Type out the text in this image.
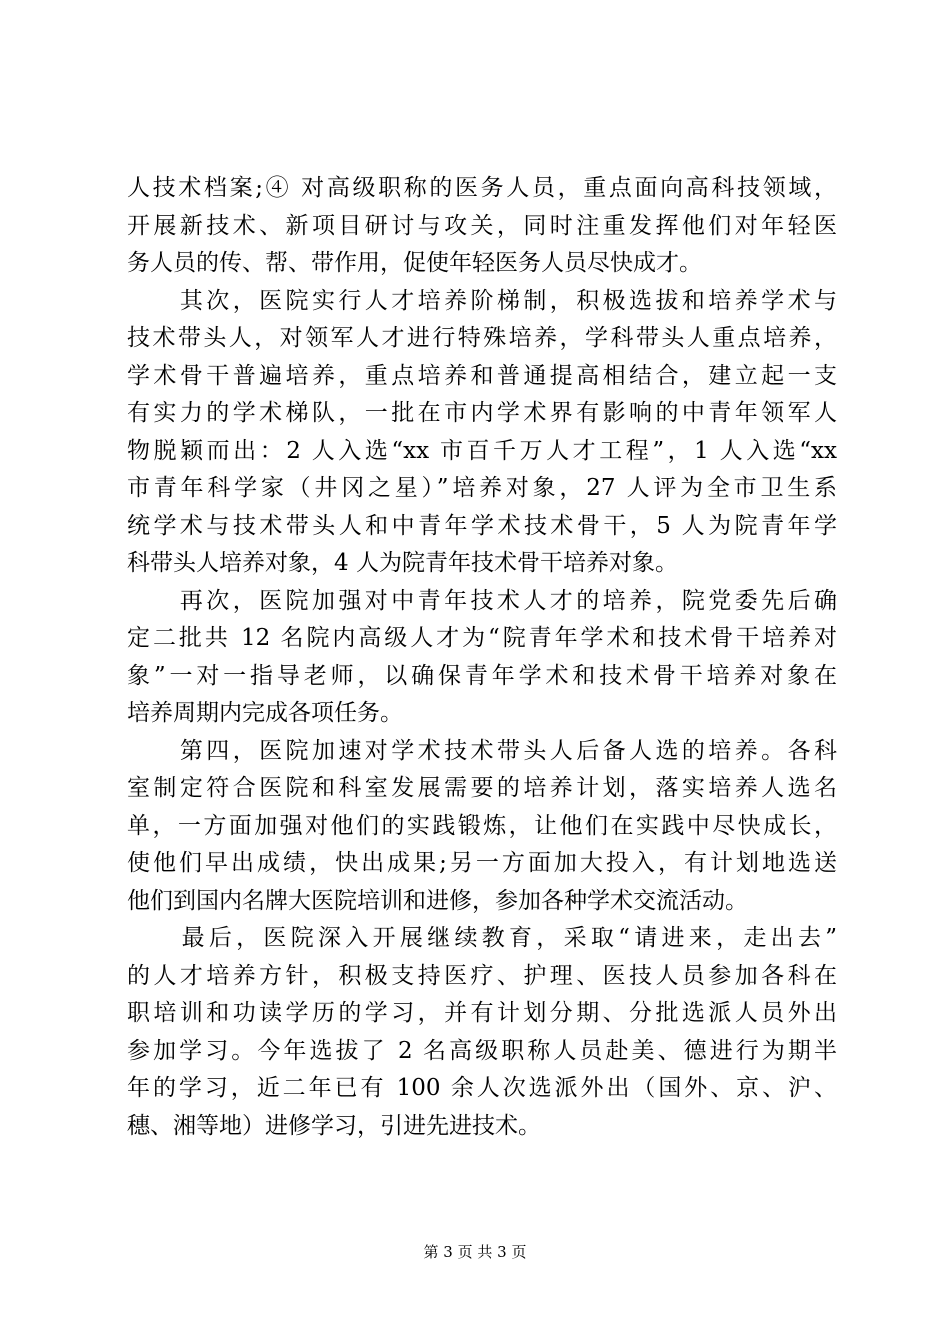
人技术档案;④ 对高级职称的医务人员，重点面向高科技领域，
开展新技术、新项目研讨与攻关，同时注重发挥他们对年轻医
务人员的传、帮、带作用，促使年轻医务人员尽快成才。
　　其次，医院实行人才培养阶梯制，积极选拔和培养学术与
技术带头人，对领军人才进行特殊培养，学科带头人重点培养，
学术骨干普遍培养，重点培养和普通提高相结合，建立起一支
有实力的学术梯队，一批在市内学术界有影响的中青年领军人
物脱颖而出：2 人入选“xx 市百千万人才工程”，1 人入选“xx
市青年科学家（井冈之星）”培养对象，27 人评为全市卫生系
统学术与技术带头人和中青年学术技术骨干，5 人为院青年学
科带头人培养对象，4 人为院青年技术骨干培养对象。
　　再次，医院加强对中青年技术人才的培养，院党委先后确
定二批共 12 名院内高级人才为“院青年学术和技术骨干培养对
象”一对一指导老师，以确保青年学术和技术骨干培养对象在
培养周期内完成各项任务。
　　第四，医院加速对学术技术带头人后备人选的培养。各科
室制定符合医院和科室发展需要的培养计划，落实培养人选名
单，一方面加强对他们的实践锻炼，让他们在实践中尽快成长，
使他们早出成绩，快出成果;另一方面加大投入，有计划地选送
他们到国内名牌大医院培训和进修，参加各种学术交流活动。
　　最后，医院深入开展继续教育，采取“请进来，走出去”
的人才培养方针，积极支持医疗、护理、医技人员参加各科在
职培训和功读学历的学习，并有计划分期、分批选派人员外出
参加学习。今年选拔了 2 名高级职称人员赴美、德进行为期半
年的学习，近二年已有 100 余人次选派外出（国外、京、沪、
穗、湘等地）进修学习，引进先进技术。
第 3 页 共 3 页
